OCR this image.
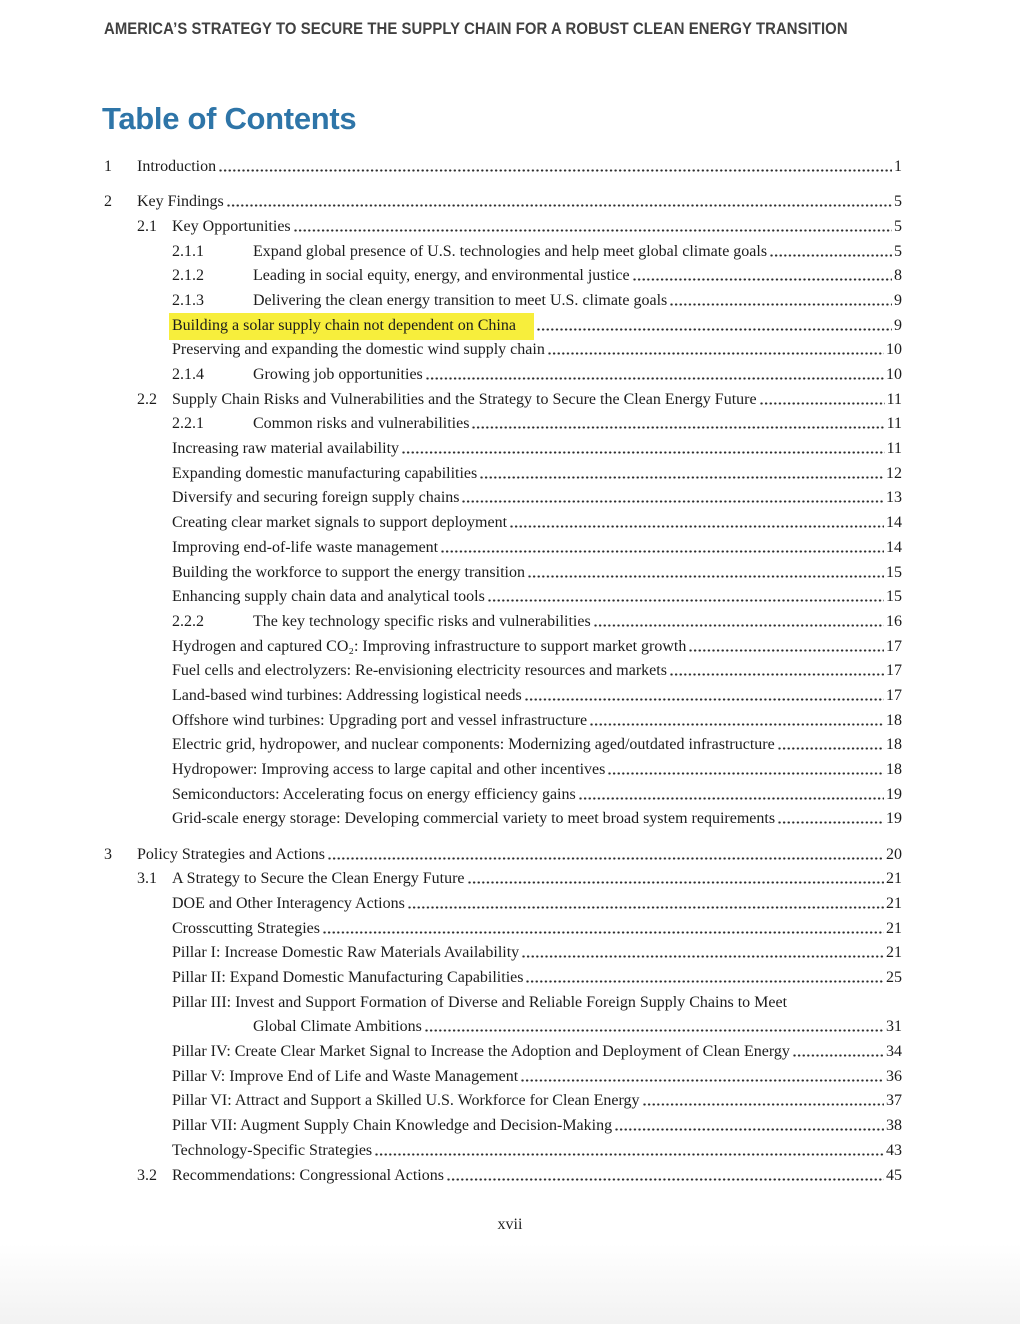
AMERICA’S STRATEGY TO SECURE THE SUPPLY CHAIN FOR A ROBUST CLEAN ENERGY TRANSITION
Table of Contents
1	Introduction	1
2	Key Findings	5
2.1 Key Opportunities	5
2.1.1	Expand global presence of U.S. technologies and help meet global climate goals	5
2.1.2	Leading in social equity, energy, and environmental justice	8
2.1.3	Delivering the clean energy transition to meet U.S. climate goals	9
Building a solar supply chain not dependent on China	9
Preserving and expanding the domestic wind supply chain	10
2.1.4	Growing job opportunities	10
2.2 Supply Chain Risks and Vulnerabilities and the Strategy to Secure the Clean Energy Future	11
2.2.1	Common risks and vulnerabilities	11
Increasing raw material availability	11
Expanding domestic manufacturing capabilities	12
Diversify and securing foreign supply chains	13
Creating clear market signals to support deployment	14
Improving end-of-life waste management	14
Building the workforce to support the energy transition	15
Enhancing supply chain data and analytical tools	15
2.2.2	The key technology specific risks and vulnerabilities	16
Hydrogen and captured CO₂: Improving infrastructure to support market growth	17
Fuel cells and electrolyzers: Re-envisioning electricity resources and markets	17
Land-based wind turbines: Addressing logistical needs	17
Offshore wind turbines: Upgrading port and vessel infrastructure	18
Electric grid, hydropower, and nuclear components: Modernizing aged/outdated infrastructure	18
Hydropower: Improving access to large capital and other incentives	18
Semiconductors: Accelerating focus on energy efficiency gains	19
Grid-scale energy storage: Developing commercial variety to meet broad system requirements	19
3	Policy Strategies and Actions	20
3.1 A Strategy to Secure the Clean Energy Future	21
DOE and Other Interagency Actions	21
Crosscutting Strategies	21
Pillar I: Increase Domestic Raw Materials Availability	21
Pillar II: Expand Domestic Manufacturing Capabilities	25
Pillar III: Invest and Support Formation of Diverse and Reliable Foreign Supply Chains to Meet
Global Climate Ambitions	31
Pillar IV: Create Clear Market Signal to Increase the Adoption and Deployment of Clean Energy	34
Pillar V: Improve End of Life and Waste Management	36
Pillar VI: Attract and Support a Skilled U.S. Workforce for Clean Energy	37
Pillar VII: Augment Supply Chain Knowledge and Decision-Making	38
Technology-Specific Strategies	43
3.2 Recommendations: Congressional Actions	45
xvii
